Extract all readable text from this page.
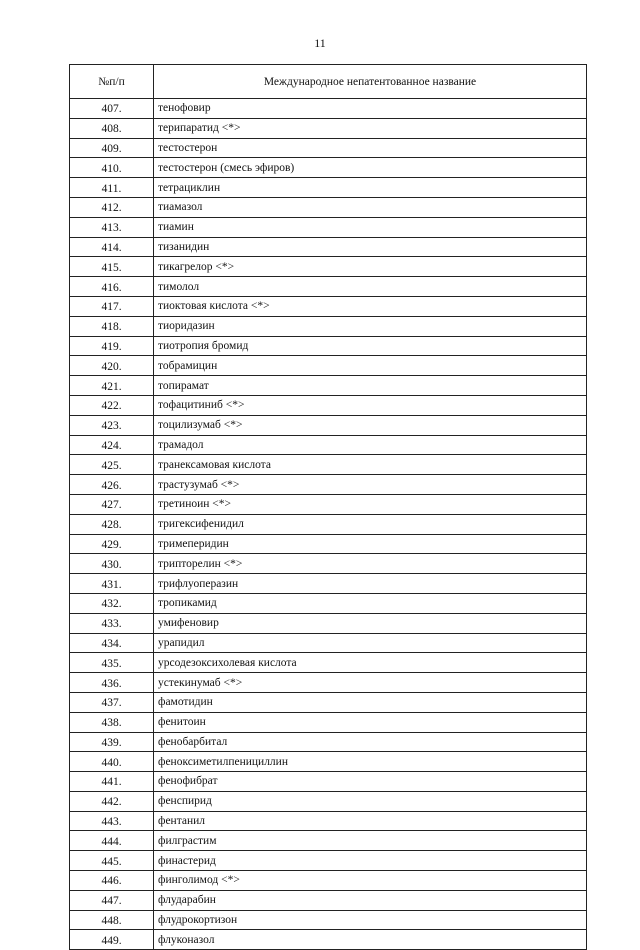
11
№п/п	Международное непатентованное название
407.	тенофовир
408.	терипаратид <*>
409.	тестостерон
410.	тестостерон (смесь эфиров)
411.	тетрациклин
412.	тиамазол
413.	тиамин
414.	тизанидин
415.	тикагрелор <*>
416.	тимолол
417.	тиоктовая кислота <*>
418.	тиоридазин
419.	тиотропия бромид
420.	тобрамицин
421.	топирамат
422.	тофацитиниб <*>
423.	тоцилизумаб <*>
424.	трамадол
425.	транексамовая кислота
426.	трастузумаб <*>
427.	третиноин <*>
428.	тригексифенидил
429.	тримеперидин
430.	трипторелин <*>
431.	трифлуоперазин
432.	тропикамид
433.	умифеновир
434.	урапидил
435.	урсодезоксихолевая кислота
436.	устекинумаб <*>
437.	фамотидин
438.	фенитоин
439.	фенобарбитал
440.	феноксиметилпенициллин
441.	фенофибрат
442.	фенспирид
443.	фентанил
444.	филграстим
445.	финастерид
446.	финголимод <*>
447.	флударабин
448.	флудрокортизон
449.	флуконазол
